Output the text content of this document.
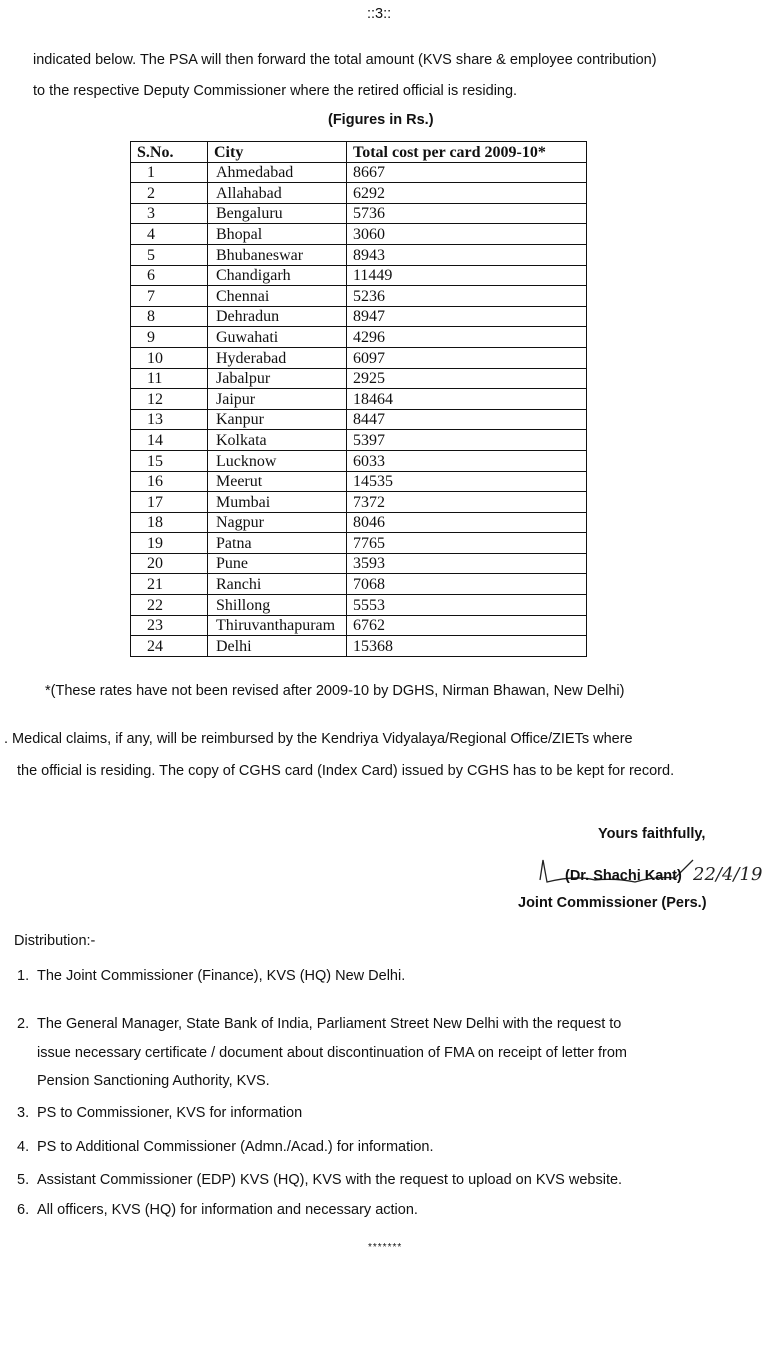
::3::
indicated below. The PSA will then forward the total amount (KVS share & employee contribution)
to the respective Deputy Commissioner where the retired official is residing.
(Figures in Rs.)
S.No.	City	Total cost per card 2009-10*
1	Ahmedabad	8667
2	Allahabad	6292
3	Bengaluru	5736
4	Bhopal	3060
5	Bhubaneswar	8943
6	Chandigarh	11449
7	Chennai	5236
8	Dehradun	8947
9	Guwahati	4296
10	Hyderabad	6097
11	Jabalpur	2925
12	Jaipur	18464
13	Kanpur	8447
14	Kolkata	5397
15	Lucknow	6033
16	Meerut	14535
17	Mumbai	7372
18	Nagpur	8046
19	Patna	7765
20	Pune	3593
21	Ranchi	7068
22	Shillong	5553
23	Thiruvanthapuram	6762
24	Delhi	15368
*(These rates have not been revised after 2009-10 by DGHS, Nirman Bhawan, New Delhi)
. Medical claims, if any, will be reimbursed by the Kendriya Vidyalaya/Regional Office/ZIETs where
the official is residing. The copy of CGHS card (Index Card) issued by CGHS has to be kept for record.
Yours faithfully,
22/4/19
(Dr. Shachi Kant)
Joint Commissioner (Pers.)
Distribution:-
1. The Joint Commissioner (Finance), KVS (HQ) New Delhi.
2. The General Manager, State Bank of India, Parliament Street New Delhi with the request to
issue necessary certificate / document about discontinuation of FMA on receipt of letter from
Pension Sanctioning Authority, KVS.
3. PS to Commissioner, KVS for information
4. PS to Additional Commissioner (Admn./Acad.) for information.
5. Assistant Commissioner (EDP) KVS (HQ), KVS with the request to upload on KVS website.
6. All officers, KVS (HQ) for information and necessary action.
*******
